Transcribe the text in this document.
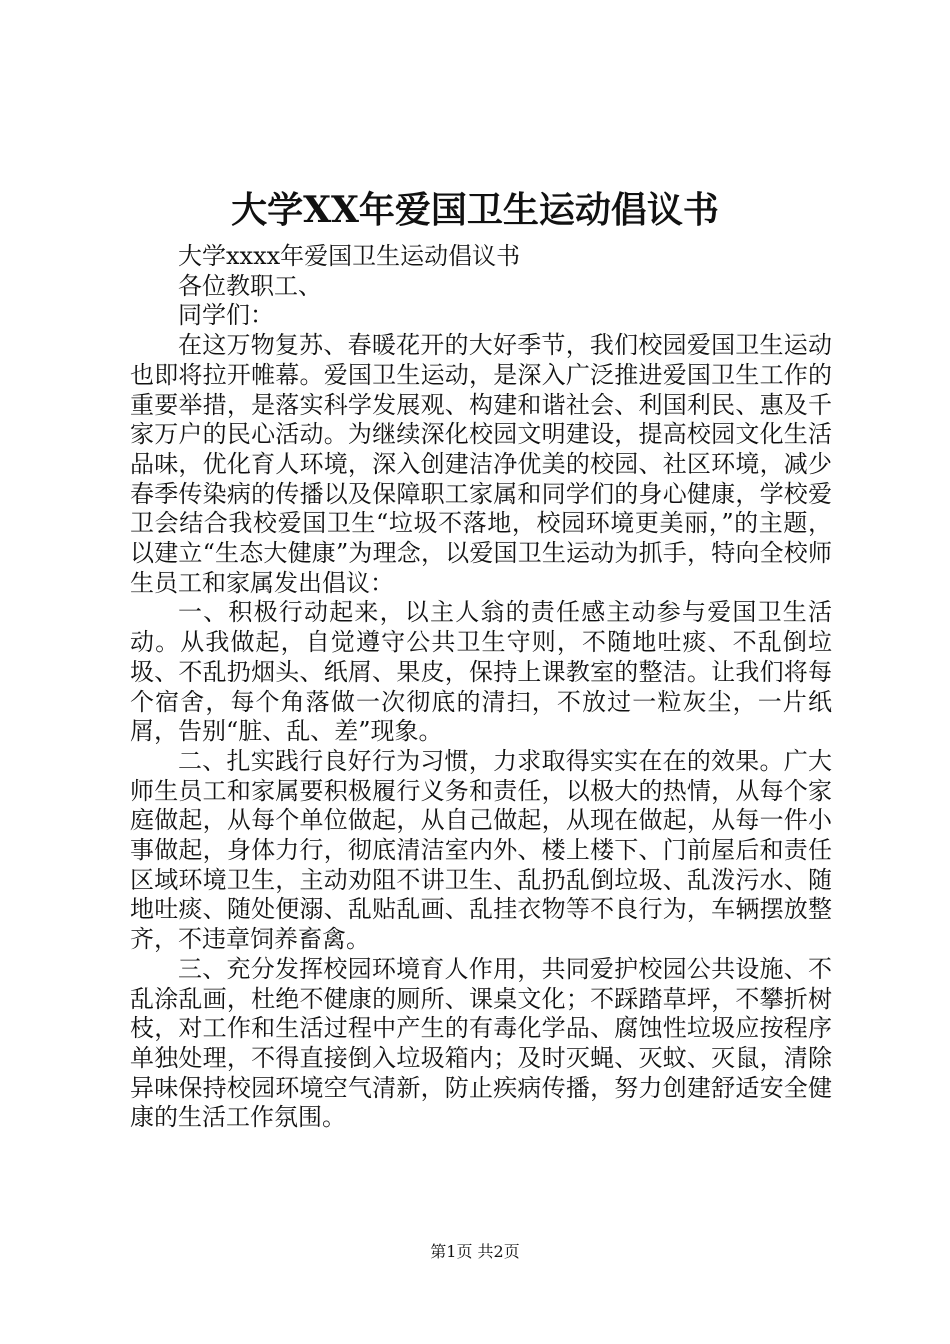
大学XX年爱国卫生运动倡议书

大学xxxx年爱国卫生运动倡议书

各位教职工、

同学们：

在这万物复苏、春暖花开的大好季节，我们校园爱国卫生运动也即将拉开帷幕。爱国卫生运动，是深入广泛推进爱国卫生工作的重要举措，是落实科学发展观、构建和谐社会、利国利民、惠及千家万户的民心活动。为继续深化校园文明建设，提高校园文化生活品味，优化育人环境，深入创建洁净优美的校园、社区环境，减少春季传染病的传播以及保障职工家属和同学们的身心健康，学校爱卫会结合我校爱国卫生“垃圾不落地，校园环境更美丽，”的主题，以建立“生态大健康”为理念，以爱国卫生运动为抓手，特向全校师生员工和家属发出倡议：

一、积极行动起来，以主人翁的责任感主动参与爱国卫生活动。从我做起，自觉遵守公共卫生守则，不随地吐痰、不乱倒垃圾、不乱扔烟头、纸屑、果皮，保持上课教室的整洁。让我们将每个宿舍，每个角落做一次彻底的清扫，不放过一粒灰尘，一片纸屑，告别“脏、乱、差”现象。

二、扎实践行良好行为习惯，力求取得实实在在的效果。广大师生员工和家属要积极履行义务和责任，以极大的热情，从每个家庭做起，从每个单位做起，从自己做起，从现在做起，从每一件小事做起，身体力行，彻底清洁室内外、楼上楼下、门前屋后和责任区域环境卫生，主动劝阻不讲卫生、乱扔乱倒垃圾、乱泼污水、随地吐痰、随处便溺、乱贴乱画、乱挂衣物等不良行为，车辆摆放整齐，不违章饲养畜禽。

三、充分发挥校园环境育人作用，共同爱护校园公共设施、不乱涂乱画，杜绝不健康的厕所、课桌文化；不踩踏草坪，不攀折树枝，对工作和生活过程中产生的有毒化学品、腐蚀性垃圾应按程序单独处理，不得直接倒入垃圾箱内；及时灭蝇、灭蚊、灭鼠，清除异味保持校园环境空气清新，防止疾病传播，努力创建舒适安全健康的生活工作氛围。

第1页 共2页
